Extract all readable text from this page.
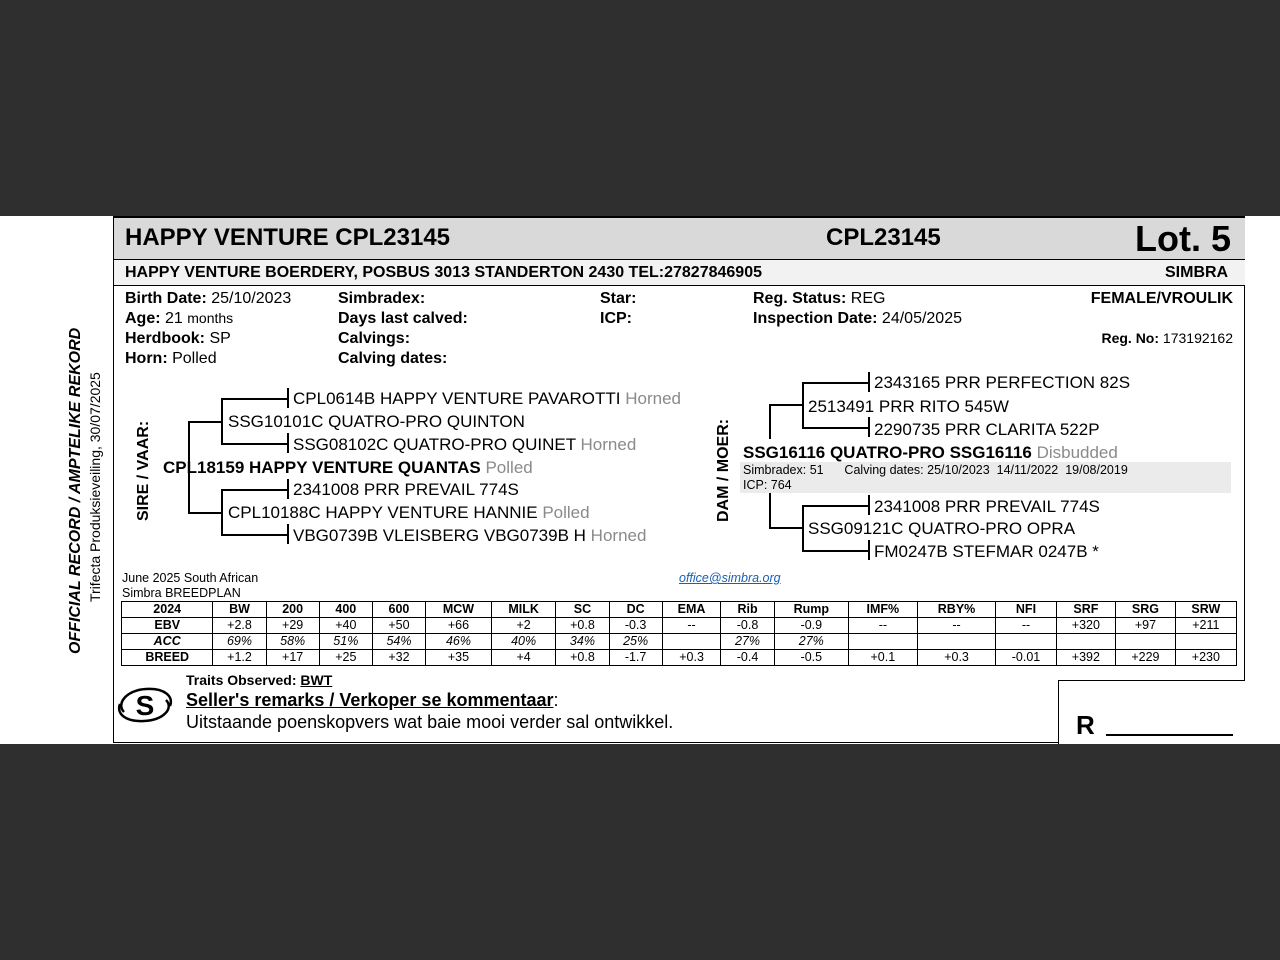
OFFICIAL RECORD / AMPTELIKE REKORD Trifecta Produksieveiling, 30/07/2025
HAPPY VENTURE CPL23145	CPL23145	Lot. 5
HAPPY VENTURE BOERDERY, POSBUS 3013 STANDERTON 2430 TEL:27827846905	SIMBRA
Birth Date: 25/10/2023
Age: 21 months
Herdbook: SP
Horn: Polled
Simbradex:
Days last calved:
Calvings:
Calving dates:
Star:
ICP:
Reg. Status: REG
Inspection Date: 24/05/2025
FEMALE/VROULIK
Reg. No: 173192162
SIRE / VAAR:
CPL0614B HAPPY VENTURE PAVAROTTI Horned
SSG10101C QUATRO-PRO QUINTON
SSG08102C QUATRO-PRO QUINET Horned
CPL18159 HAPPY VENTURE QUANTAS Polled
2341008 PRR PREVAIL 774S
CPL10188C HAPPY VENTURE HANNIE Polled
VBG0739B VLEISBERG VBG0739B H Horned
DAM / MOER:
2343165 PRR PERFECTION 82S
2513491 PRR RITO 545W
2290735 PRR CLARITA 522P
SSG16116 QUATRO-PRO SSG16116 Disbudded
Simbradex: 51      Calving dates: 25/10/2023  14/11/2022  19/08/2019
ICP: 764
2341008 PRR PREVAIL 774S
SSG09121C QUATRO-PRO OPRA
FM0247B STEFMAR 0247B *
June 2025 South African
Simbra BREEDPLAN
office@simbra.org
2024	BW	200	400	600	MCW	MILK	SC	DC	EMA	Rib	Rump	IMF%	RBY%	NFI	SRF	SRG	SRW
EBV	+2.8	+29	+40	+50	+66	+2	+0.8	-0.3	--	-0.8	-0.9	--	--	--	+320	+97	+211
ACC	69%	58%	51%	54%	46%	40%	34%	25%		27%	27%						
BREED	+1.2	+17	+25	+32	+35	+4	+0.8	-1.7	+0.3	-0.4	-0.5	+0.1	+0.3	-0.01	+392	+229	+230
S
Traits Observed: BWT
Seller's remarks / Verkoper se kommentaar:
Uitstaande poenskopvers wat baie mooi verder sal ontwikkel.	R
